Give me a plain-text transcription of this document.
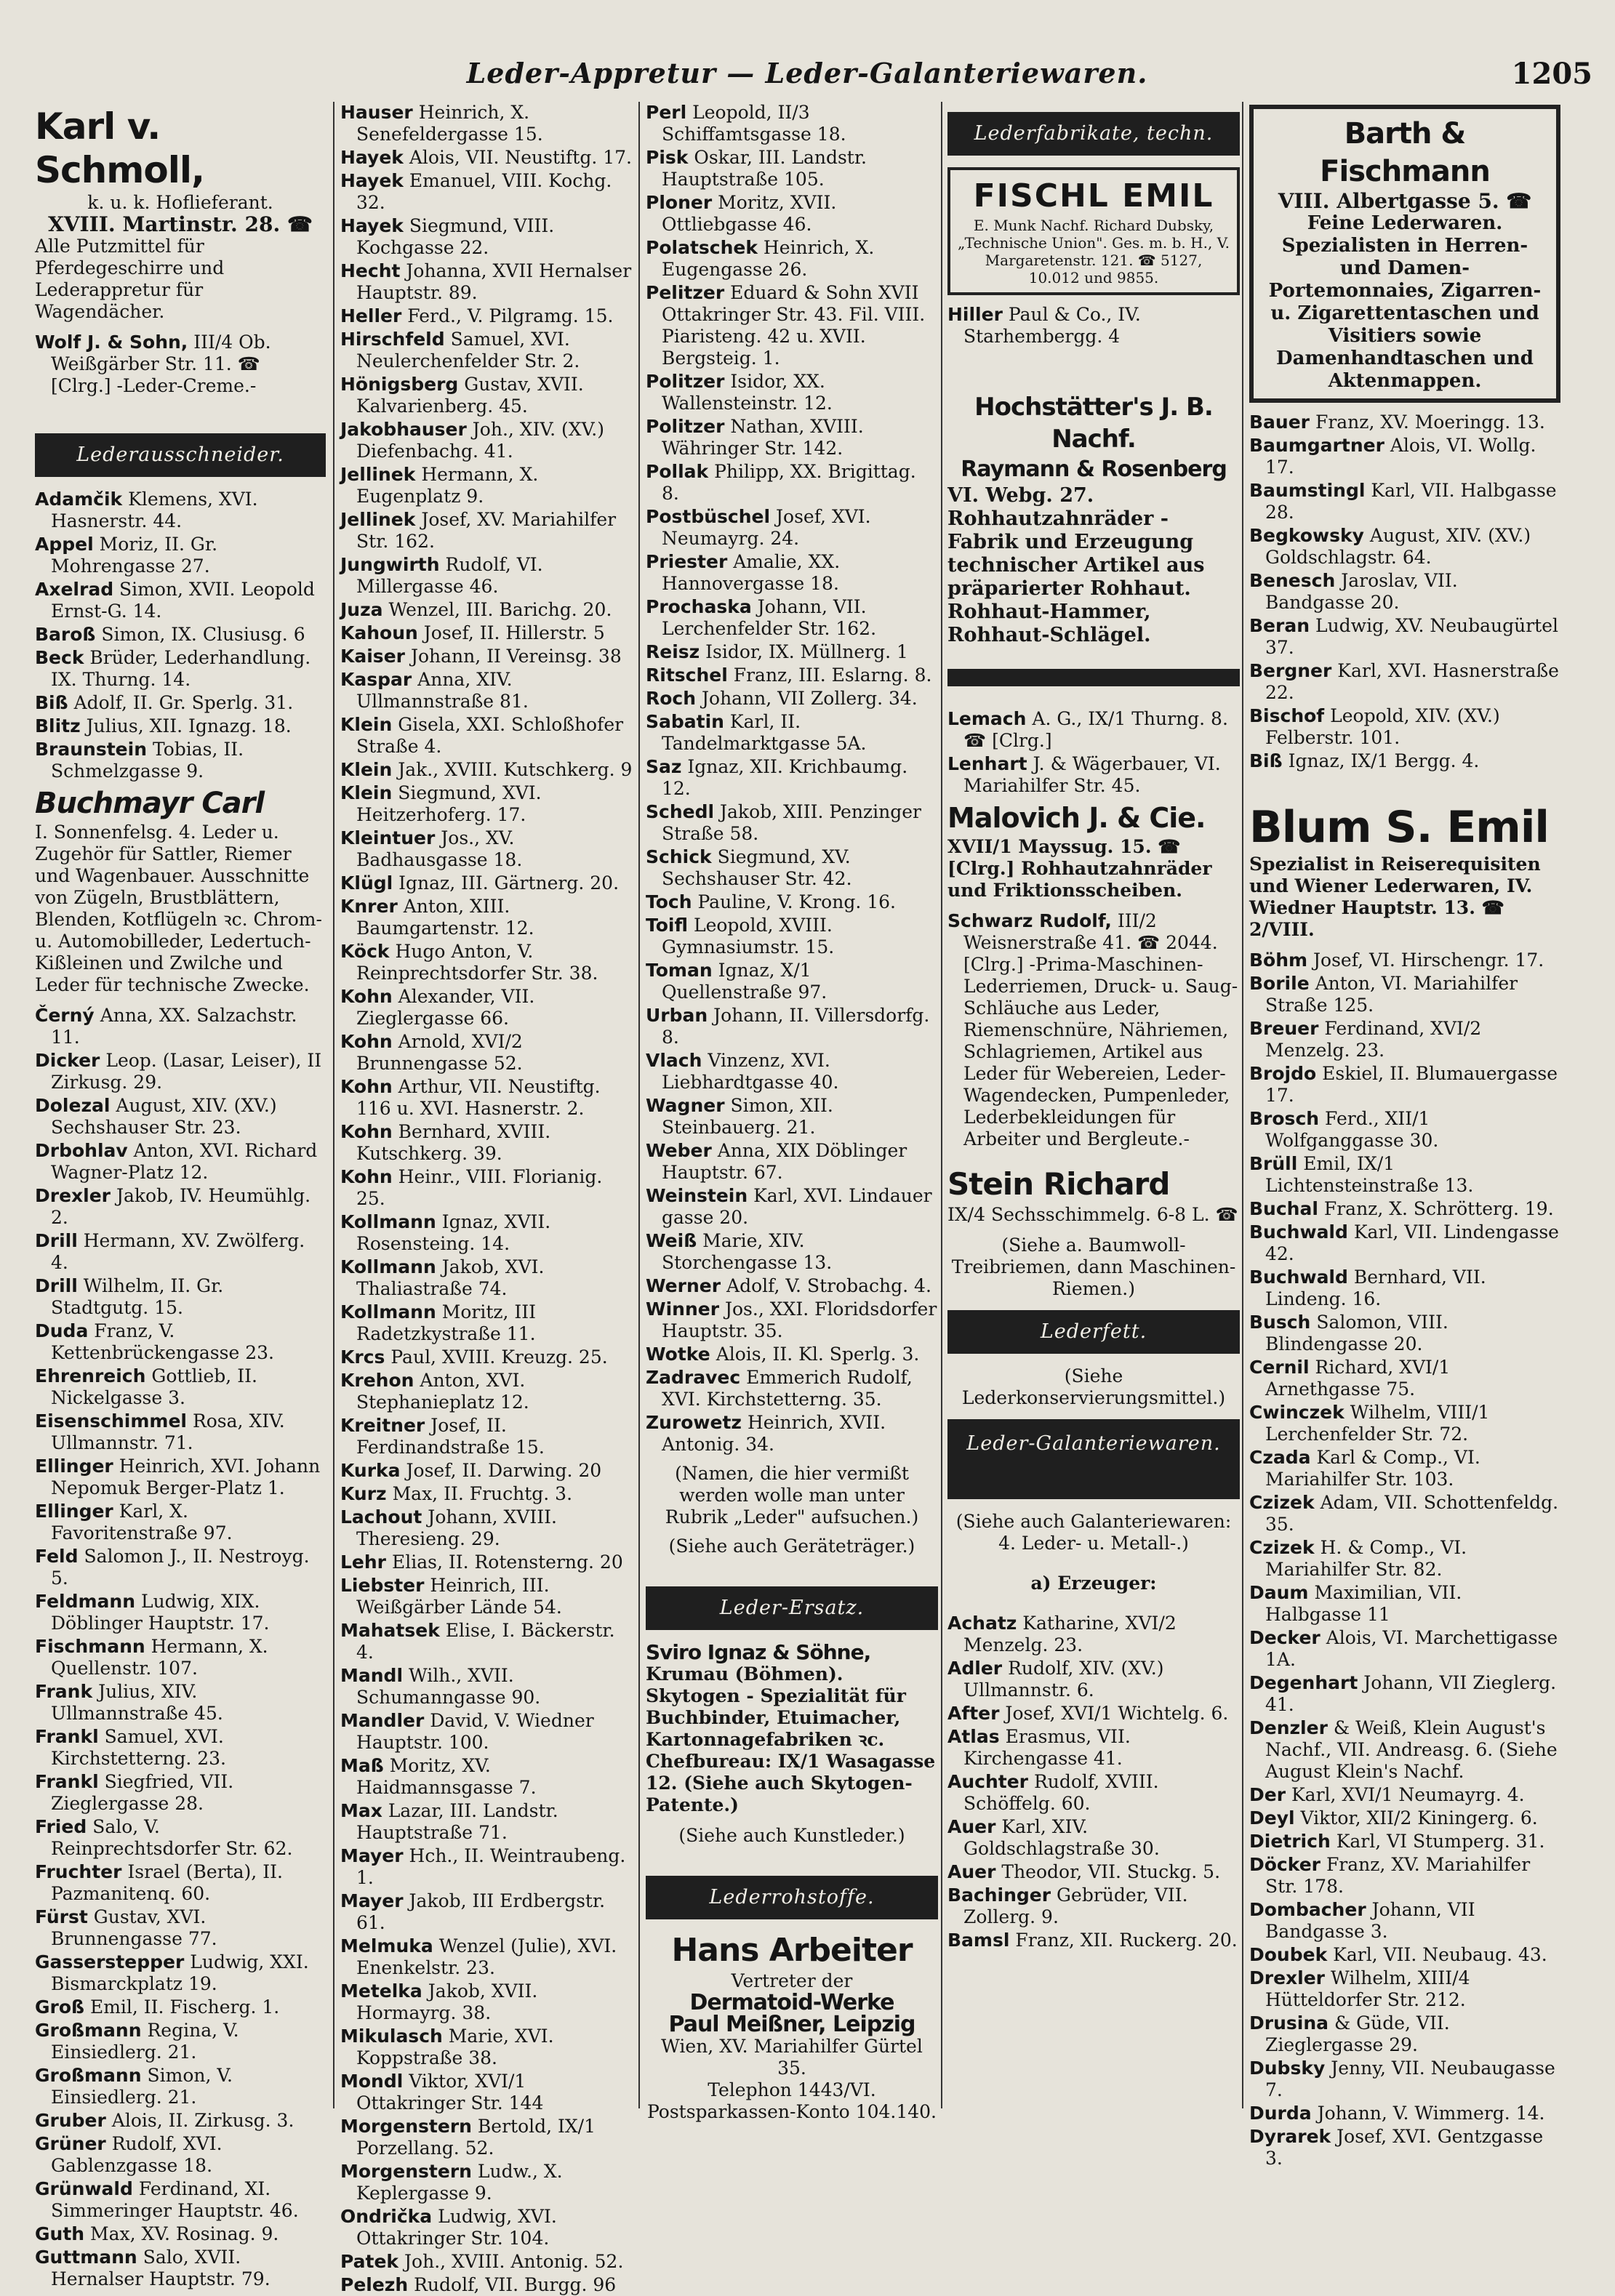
Leder-Appretur — Leder-Galanteriewaren.	1205

Karl v. Schmoll,

k. u. k. Hoflieferant.

XVIII. Martinstr. 28. ☎

Alle Putzmittel für Pferdegeschirre und Lederappretur für Wagendächer.

Wolf J. & Sohn, III/4 Ob. Weißgärber Str. 11. ☎ [Clrg.] -Leder-Creme.-

Lederausschneider.

Adamčik Klemens, XVI. Hasnerstr. 44.

Appel Moriz, II. Gr. Mohrengasse 27.

Axelrad Simon, XVII. Leopold Ernst-G. 14.

Baroß Simon, IX. Clusiusg. 6

Beck Brüder, Lederhandlung. IX. Thurng. 14.

Biß Adolf, II. Gr. Sperlg. 31.

Blitz Julius, XII. Ignazg. 18.

Braunstein Tobias, II. Schmelzgasse 9.

Buchmayr Carl

I. Sonnenfelsg. 4. Leder u. Zugehör für Sattler, Riemer und Wagenbauer. Ausschnitte von Zügeln, Brustblättern, Blenden, Kotflügeln ꝛc. Chrom- u. Automobilleder, Ledertuch-Kißleinen und Zwilche und Leder für technische Zwecke.

Černý Anna, XX. Salzachstr. 11.

Dicker Leop. (Lasar, Leiser), II Zirkusg. 29.

Dolezal August, XIV. (XV.) Sechshauser Str. 23.

Drbohlav Anton, XVI. Richard Wagner-Platz 12.

Drexler Jakob, IV. Heumühlg. 2.

Drill Hermann, XV. Zwölferg. 4.

Drill Wilhelm, II. Gr. Stadtgutg. 15.

Duda Franz, V. Kettenbrückengasse 23.

Ehrenreich Gottlieb, II. Nickelgasse 3.

Eisenschimmel Rosa, XIV. Ullmannstr. 71.

Ellinger Heinrich, XVI. Johann Nepomuk Berger-Platz 1.

Ellinger Karl, X. Favoritenstraße 97.

Feld Salomon J., II. Nestroyg. 5.

Feldmann Ludwig, XIX. Döblinger Hauptstr. 17.

Fischmann Hermann, X. Quellenstr. 107.

Frank Julius, XIV. Ullmannstraße 45.

Frankl Samuel, XVI. Kirchstetterng. 23.

Frankl Siegfried, VII. Zieglergasse 28.

Fried Salo, V. Reinprechtsdorfer Str. 62.

Fruchter Israel (Berta), II. Pazmanitenq. 60.

Fürst Gustav, XVI. Brunnengasse 77.

Gasserstepper Ludwig, XXI. Bismarckplatz 19.

Groß Emil, II. Fischerg. 1.

Großmann Regina, V. Einsiedlerg. 21.

Großmann Simon, V. Einsiedlerg. 21.

Gruber Alois, II. Zirkusg. 3.

Grüner Rudolf, XVI. Gablenzgasse 18.

Grünwald Ferdinand, XI. Simmeringer Hauptstr. 46.

Guth Max, XV. Rosinag. 9.

Guttmann Salo, XVII. Hernalser Hauptstr. 79.

Hauser Heinrich, X. Senefeldergasse 15.

Hayek Alois, VII. Neustiftg. 17.

Hayek Emanuel, VIII. Kochg. 32.

Hayek Siegmund, VIII. Kochgasse 22.

Hecht Johanna, XVII Hernalser Hauptstr. 89.

Heller Ferd., V. Pilgramg. 15.

Hirschfeld Samuel, XVI. Neulerchenfelder Str. 2.

Hönigsberg Gustav, XVII. Kalvarienberg. 45.

Jakobhauser Joh., XIV. (XV.) Diefenbachg. 41.

Jellinek Hermann, X. Eugenplatz 9.

Jellinek Josef, XV. Mariahilfer Str. 162.

Jungwirth Rudolf, VI. Millergasse 46.

Juza Wenzel, III. Barichg. 20.

Kahoun Josef, II. Hillerstr. 5

Kaiser Johann, II Vereinsg. 38

Kaspar Anna, XIV. Ullmannstraße 81.

Klein Gisela, XXI. Schloßhofer Straße 4.

Klein Jak., XVIII. Kutschkerg. 9

Klein Siegmund, XVI. Heitzerhoferg. 17.

Kleintuer Jos., XV. Badhausgasse 18.

Klügl Ignaz, III. Gärtnerg. 20.

Knrer Anton, XIII. Baumgartenstr. 12.

Köck Hugo Anton, V. Reinprechtsdorfer Str. 38.

Kohn Alexander, VII. Zieglergasse 66.

Kohn Arnold, XVI/2 Brunnengasse 52.

Kohn Arthur, VII. Neustiftg. 116 u. XVI. Hasnerstr. 2.

Kohn Bernhard, XVIII. Kutschkerg. 39.

Kohn Heinr., VIII. Florianig. 25.

Kollmann Ignaz, XVII. Rosensteing. 14.

Kollmann Jakob, XVI. Thaliastraße 74.

Kollmann Moritz, III Radetzkystraße 11.

Krcs Paul, XVIII. Kreuzg. 25.

Krehon Anton, XVI. Stephanieplatz 12.

Kreitner Josef, II. Ferdinandstraße 15.

Kurka Josef, II. Darwing. 20

Kurz Max, II. Fruchtg. 3.

Lachout Johann, XVIII. Theresieng. 29.

Lehr Elias, II. Rotensterng. 20

Liebster Heinrich, III. Weißgärber Lände 54.

Mahatsek Elise, I. Bäckerstr. 4.

Mandl Wilh., XVII. Schumanngasse 90.

Mandler David, V. Wiedner Hauptstr. 100.

Maß Moritz, XV. Haidmannsgasse 7.

Max Lazar, III. Landstr. Hauptstraße 71.

Mayer Hch., II. Weintraubeng. 1.

Mayer Jakob, III Erdbergstr. 61.

Melmuka Wenzel (Julie), XVI. Enenkelstr. 23.

Metelka Jakob, XVII. Hormayrg. 38.

Mikulasch Marie, XVI. Koppstraße 38.

Mondl Viktor, XVI/1 Ottakringer Str. 144

Morgenstern Bertold, IX/1 Porzellang. 52.

Morgenstern Ludw., X. Keplergasse 9.

Ondrička Ludwig, XVI. Ottakringer Str. 104.

Patek Joh., XVIII. Antonig. 52.

Pelezh Rudolf, VII. Burgg. 96

Perl Leopold, II/3 Schiffamtsgasse 18.

Pisk Oskar, III. Landstr. Hauptstraße 105.

Ploner Moritz, XVII. Ottliebgasse 46.

Polatschek Heinrich, X. Eugengasse 26.

Pelitzer Eduard & Sohn XVII Ottakringer Str. 43. Fil. VIII. Piaristeng. 42 u. XVII. Bergsteig. 1.

Politzer Isidor, XX. Wallensteinstr. 12.

Politzer Nathan, XVIII. Währinger Str. 142.

Pollak Philipp, XX. Brigittag. 8.

Postbüschel Josef, XVI. Neumayrg. 24.

Priester Amalie, XX. Hannovergasse 18.

Prochaska Johann, VII. Lerchenfelder Str. 162.

Reisz Isidor, IX. Müllnerg. 1

Ritschel Franz, III. Eslarng. 8.

Roch Johann, VII Zollerg. 34.

Sabatin Karl, II. Tandelmarktgasse 5A.

Saz Ignaz, XII. Krichbaumg. 12.

Schedl Jakob, XIII. Penzinger Straße 58.

Schick Siegmund, XV. Sechshauser Str. 42.

Toch Pauline, V. Krong. 16.

Toifl Leopold, XVIII. Gymnasiumstr. 15.

Toman Ignaz, X/1 Quellenstraße 97.

Urban Johann, II. Villersdorfg. 8.

Vlach Vinzenz, XVI. Liebhardtgasse 40.

Wagner Simon, XII. Steinbauerg. 21.

Weber Anna, XIX Döblinger Hauptstr. 67.

Weinstein Karl, XVI. Lindauer gasse 20.

Weiß Marie, XIV. Storchengasse 13.

Werner Adolf, V. Strobachg. 4.

Winner Jos., XXI. Floridsdorfer Hauptstr. 35.

Wotke Alois, II. Kl. Sperlg. 3.

Zadravec Emmerich Rudolf, XVI. Kirchstetterng. 35.

Zurowetz Heinrich, XVII. Antonig. 34.

(Namen, die hier vermißt werden wolle man unter Rubrik „Leder" aufsuchen.)

(Siehe auch Geräteträger.)

Leder-Ersatz.

Sviro Ignaz & Söhne,

Krumau (Böhmen). Skytogen - Spezialität für Buchbinder, Etuimacher, Kartonnagefabriken ꝛc. Chefbureau: IX/1 Wasagasse 12. (Siehe auch Skytogen-Patente.)

(Siehe auch Kunstleder.)

Lederrohstoffe.

Hans Arbeiter

Vertreter der

Dermatoid-Werke

Paul Meißner, Leipzig

Wien, XV. Mariahilfer Gürtel 35.

Telephon 1443/VI.

Postsparkassen-Konto 104.140.

Lederfabrikate, techn.

FISCHL EMIL

E. Munk Nachf. Richard Dubsky, „Technische Union". Ges. m. b. H., V. Margaretenstr. 121. ☎ 5127, 10.012 und 9855.

Hiller Paul & Co., IV. Starhembergg. 4

Hochstätter's J. B. Nachf.

Raymann & Rosenberg

VI. Webg. 27. Rohhautzahnräder - Fabrik und Erzeugung technischer Artikel aus präparierter Rohhaut. Rohhaut-Hammer, Rohhaut-Schlägel.

Lemach A. G., IX/1 Thurng. 8. ☎ [Clrg.]

Lenhart J. & Wägerbauer, VI. Mariahilfer Str. 45.

Malovich J. & Cie.

XVII/1 Mayssug. 15. ☎ [Clrg.] Rohhautzahnräder und Friktionsscheiben.

Schwarz Rudolf, III/2 Weisnerstraße 41. ☎ 2044. [Clrg.] -Prima-Maschinen-Lederriemen, Druck- u. Saug-Schläuche aus Leder, Riemenschnüre, Nähriemen, Schlagriemen, Artikel aus Leder für Webereien, Leder-Wagendecken, Pumpenleder, Lederbekleidungen für Arbeiter und Bergleute.-

Stein Richard

IX/4 Sechsschimmelg. 6-8 L. ☎

(Siehe a. Baumwoll-Treibriemen, dann Maschinen-Riemen.)

Lederfett.

(Siehe Lederkonservierungsmittel.)

Leder-Galanteriewaren.

(Siehe auch Galanteriewaren: 4. Leder- u. Metall-.)

a) Erzeuger:

Achatz Katharine, XVI/2 Menzelg. 23.

Adler Rudolf, XIV. (XV.) Ullmannstr. 6.

After Josef, XVI/1 Wichtelg. 6.

Atlas Erasmus, VII. Kirchengasse 41.

Auchter Rudolf, XVIII. Schöffelg. 60.

Auer Karl, XIV. Goldschlagstraße 30.

Auer Theodor, VII. Stuckg. 5.

Bachinger Gebrüder, VII. Zollerg. 9.

Bamsl Franz, XII. Ruckerg. 20.

Barth & Fischmann

VIII. Albertgasse 5. ☎

Feine Lederwaren. Spezialisten in Herren- und Damen-Portemonnaies, Zigarren- u. Zigarettentaschen und Visitiers sowie Damenhandtaschen und Aktenmappen.

Bauer Franz, XV. Moeringg. 13.

Baumgartner Alois, VI. Wollg. 17.

Baumstingl Karl, VII. Halbgasse 28.

Begkowsky August, XIV. (XV.) Goldschlagstr. 64.

Benesch Jaroslav, VII. Bandgasse 20.

Beran Ludwig, XV. Neubaugürtel 37.

Bergner Karl, XVI. Hasnerstraße 22.

Bischof Leopold, XIV. (XV.) Felberstr. 101.

Biß Ignaz, IX/1 Bergg. 4.

Blum S. Emil

Spezialist in Reiserequisiten und Wiener Lederwaren, IV. Wiedner Hauptstr. 13. ☎ 2/VIII.

Böhm Josef, VI. Hirschengr. 17.

Borile Anton, VI. Mariahilfer Straße 125.

Breuer Ferdinand, XVI/2 Menzelg. 23.

Brojdo Eskiel, II. Blumauergasse 17.

Brosch Ferd., XII/1 Wolfganggasse 30.

Brüll Emil, IX/1 Lichtensteinstraße 13.

Buchal Franz, X. Schrötterg. 19.

Buchwald Karl, VII. Lindengasse 42.

Buchwald Bernhard, VII. Lindeng. 16.

Busch Salomon, VIII. Blindengasse 20.

Cernil Richard, XVI/1 Arnethgasse 75.

Cwinczek Wilhelm, VIII/1 Lerchenfelder Str. 72.

Czada Karl & Comp., VI. Mariahilfer Str. 103.

Czizek Adam, VII. Schottenfeldg. 35.

Czizek H. & Comp., VI. Mariahilfer Str. 82.

Daum Maximilian, VII. Halbgasse 11

Decker Alois, VI. Marchettigasse 1A.

Degenhart Johann, VII Zieglerg. 41.

Denzler & Weiß, Klein August's Nachf., VII. Andreasg. 6. (Siehe August Klein's Nachf.

Der Karl, XVI/1 Neumayrg. 4.

Deyl Viktor, XII/2 Kiningerg. 6.

Dietrich Karl, VI Stumperg. 31.

Döcker Franz, XV. Mariahilfer Str. 178.

Dombacher Johann, VII Bandgasse 3.

Doubek Karl, VII. Neubaug. 43.

Drexler Wilhelm, XIII/4 Hütteldorfer Str. 212.

Drusina & Güde, VII. Zieglergasse 29.

Dubsky Jenny, VII. Neubaugasse 7.

Durda Johann, V. Wimmerg. 14.

Dyrarek Josef, XVI. Gentzgasse 3.
